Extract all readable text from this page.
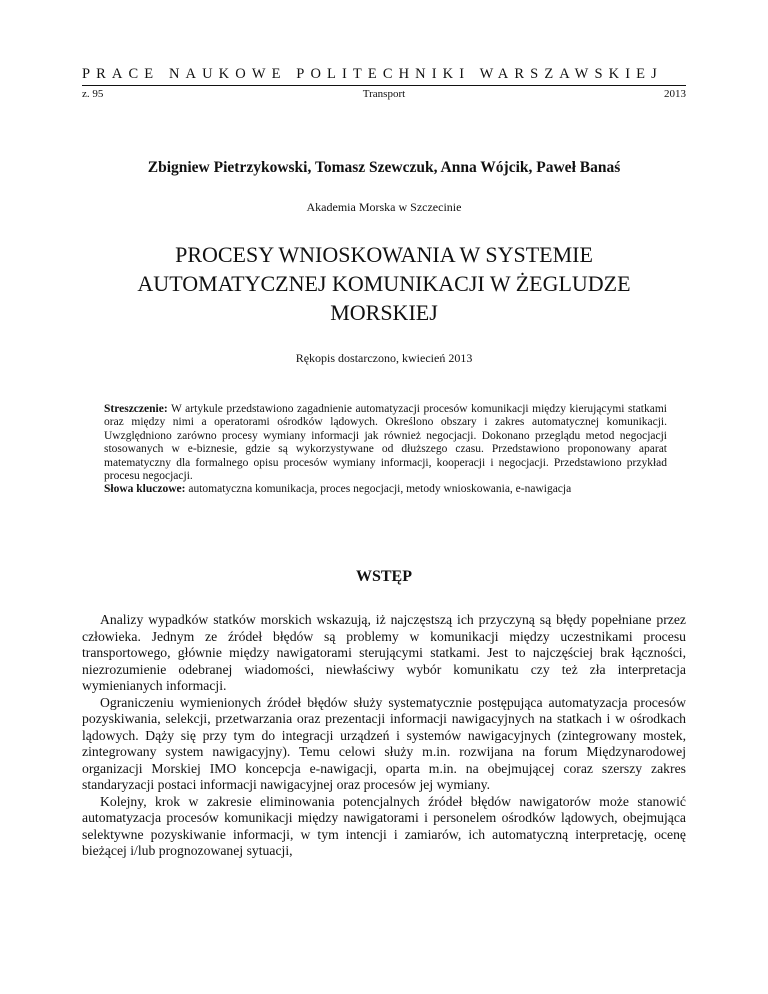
PRACE NAUKOWE POLITECHNIKI WARSZAWSKIEJ
z. 95	Transport	2013
Zbigniew Pietrzykowski, Tomasz Szewczuk, Anna Wójcik, Paweł Banaś
Akademia Morska w Szczecinie
PROCESY WNIOSKOWANIA W SYSTEMIE AUTOMATYCZNEJ KOMUNIKACJI W ŻEGLUDZE MORSKIEJ
Rękopis dostarczono, kwiecień 2013

Streszczenie: W artykule przedstawiono zagadnienie automatyzacji procesów komunikacji między kierującymi statkami oraz między nimi a operatorami ośrodków lądowych. Określono obszary i zakres automatycznej komunikacji. Uwzględniono zarówno procesy wymiany informacji jak również negocjacji. Dokonano przeglądu metod negocjacji stosowanych w e-biznesie, gdzie są wykorzystywane od dłuższego czasu. Przedstawiono proponowany aparat matematyczny dla formalnego opisu procesów wymiany informacji, kooperacji i negocjacji. Przedstawiono przykład procesu negocjacji.

Słowa kluczowe: automatyczna komunikacja, proces negocjacji, metody wnioskowania, e-nawigacja

WSTĘP

Analizy wypadków statków morskich wskazują, iż najczęstszą ich przyczyną są błędy popełniane przez człowieka. Jednym ze źródeł błędów są problemy w komunikacji między uczestnikami procesu transportowego, głównie między nawigatorami sterującymi statkami. Jest to najczęściej brak łączności, niezrozumienie odebranej wiadomości, niewłaściwy wybór komunikatu czy też zła interpretacja wymienianych informacji.

Ograniczeniu wymienionych źródeł błędów służy systematycznie postępująca automatyzacja procesów pozyskiwania, selekcji, przetwarzania oraz prezentacji informacji nawigacyjnych na statkach i w ośrodkach lądowych. Dąży się przy tym do integracji urządzeń i systemów nawigacyjnych (zintegrowany mostek, zintegrowany system nawigacyjny). Temu celowi służy m.in. rozwijana na forum Międzynarodowej organizacji Morskiej IMO koncepcja e-nawigacji, oparta m.in. na obejmującej coraz szerszy zakres standaryzacji postaci informacji nawigacyjnej oraz procesów jej wymiany.

Kolejny, krok w zakresie eliminowania potencjalnych źródeł błędów nawigatorów może stanowić automatyzacja procesów komunikacji między nawigatorami i personelem ośrodków lądowych, obejmująca selektywne pozyskiwanie informacji, w tym intencji i zamiarów, ich automatyczną interpretację, ocenę bieżącej i/lub prognozowanej sytuacji,
